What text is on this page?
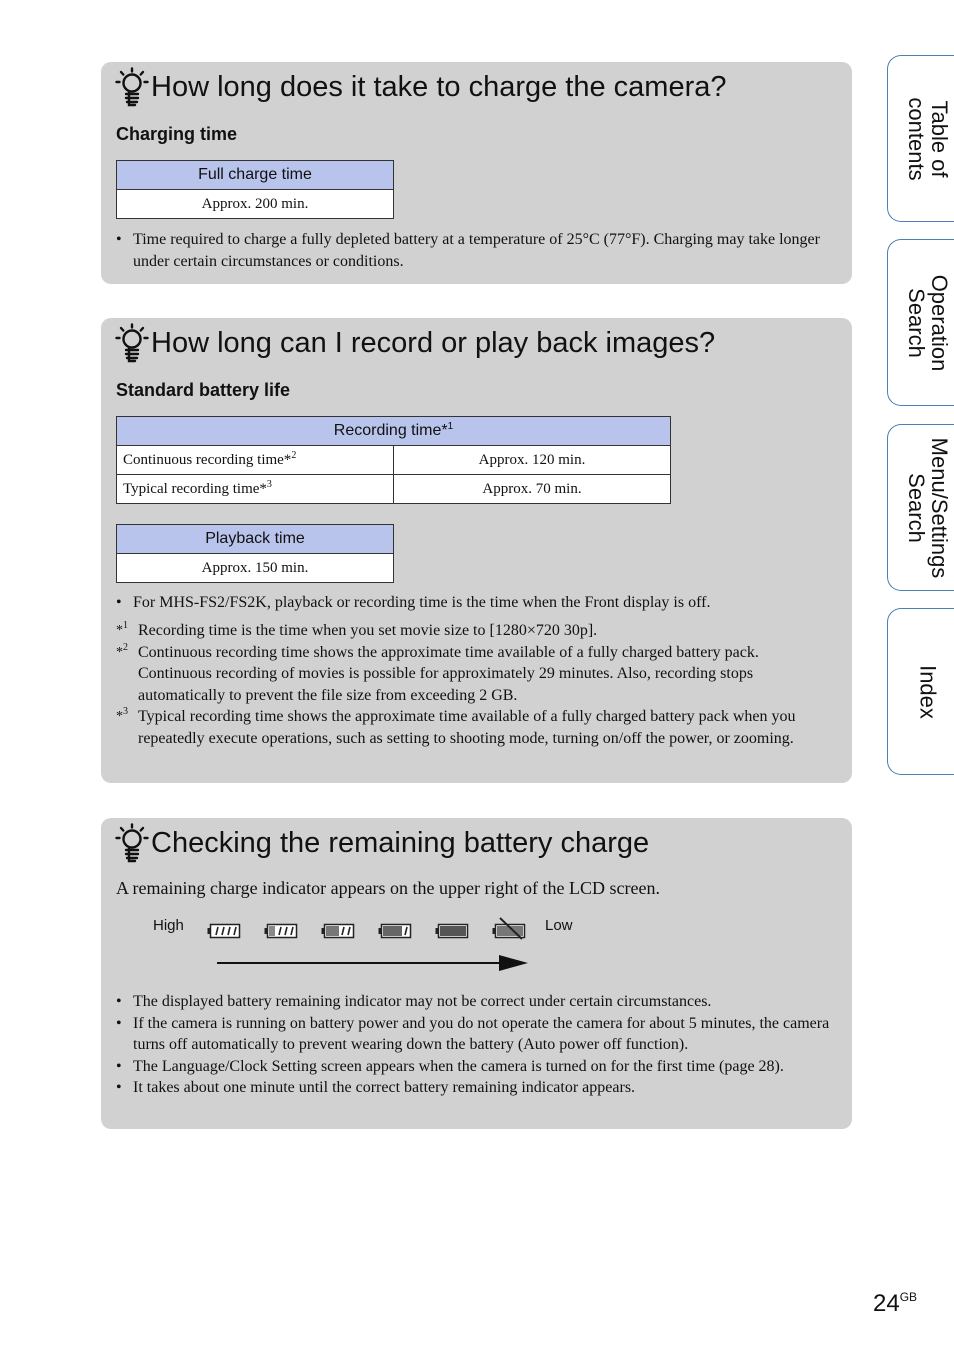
How long does it take to charge the camera?
Charging time
Full charge time
Approx. 200 min.
• Time required to charge a fully depleted battery at a temperature of 25°C (77°F). Charging may take longer under certain circumstances or conditions.
How long can I record or play back images?
Standard battery life
Recording time*$^1$
Continuous recording time*$^2$	Approx. 120 min.
Typical recording time*$^3$	Approx. 70 min.
Playback time
Approx. 150 min.
• For MHS-FS2/FS2K, playback or recording time is the time when the Front display is off.
*$^1$ Recording time is the time when you set movie size to [1280×720 30p].
*$^2$ Continuous recording time shows the approximate time available of a fully charged battery pack. Continuous recording of movies is possible for approximately 29 minutes. Also, recording stops automatically to prevent the file size from exceeding 2 GB.
*$^3$ Typical recording time shows the approximate time available of a fully charged battery pack when you repeatedly execute operations, such as setting to shooting mode, turning on/off the power, or zooming.
Checking the remaining battery charge
A remaining charge indicator appears on the upper right of the LCD screen.
High	Low
• The displayed battery remaining indicator may not be correct under certain circumstances.
• If the camera is running on battery power and you do not operate the camera for about 5 minutes, the camera turns off automatically to prevent wearing down the battery (Auto power off function).
• The Language/Clock Setting screen appears when the camera is turned on for the first time (page 28).
• It takes about one minute until the correct battery remaining indicator appears.
Table of contents
Operation Search
Menu/Settings Search
Index
$24^{GB}$
